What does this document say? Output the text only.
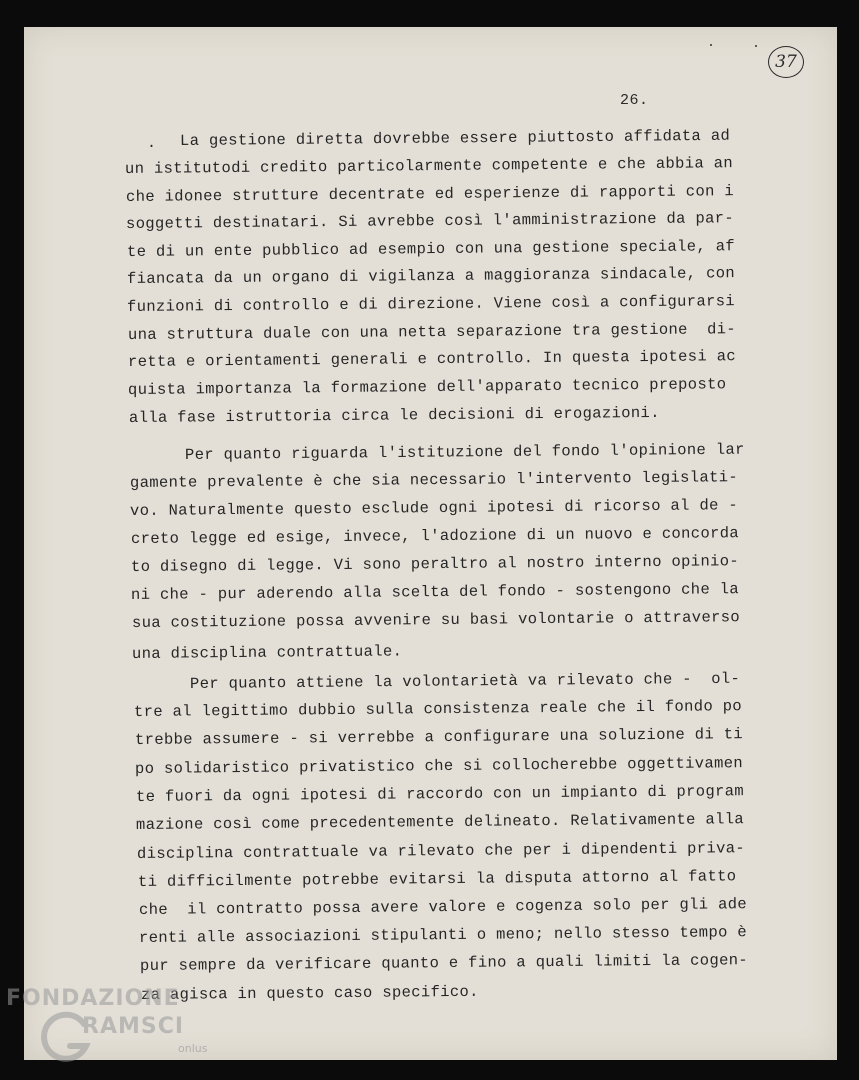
37
26.
· La gestione diretta dovrebbe essere piuttosto affidata ad
un istitutodi credito particolarmente competente e che abbia an
che idonee strutture decentrate ed esperienze di rapporti con i
soggetti destinatari. Si avrebbe così l'amministrazione da par-
te di un ente pubblico ad esempio con una gestione speciale, af
fiancata da un organo di vigilanza a maggioranza sindacale, con
funzioni di controllo e di direzione. Viene così a configurarsi
una struttura duale con una netta separazione tra gestione  di-
retta e orientamenti generali e controllo. In questa ipotesi ac
quista importanza la formazione dell'apparato tecnico preposto
alla fase istruttoria circa le decisioni di erogazioni.
Per quanto riguarda l'istituzione del fondo l'opinione lar
gamente prevalente è che sia necessario l'intervento legislati-
vo. Naturalmente questo esclude ogni ipotesi di ricorso al de -
creto legge ed esige, invece, l'adozione di un nuovo e concorda
to disegno di legge. Vi sono peraltro al nostro interno opinio-
ni che - pur aderendo alla scelta del fondo - sostengono che la
sua costituzione possa avvenire su basi volontarie o attraverso
una disciplina contrattuale.
Per quanto attiene la volontarietà va rilevato che -  ol-
tre al legittimo dubbio sulla consistenza reale che il fondo po
trebbe assumere - si verrebbe a configurare una soluzione di ti
po solidaristico privatistico che si collocherebbe oggettivamen
te fuori da ogni ipotesi di raccordo con un impianto di program
mazione così come precedentemente delineato. Relativamente alla
disciplina contrattuale va rilevato che per i dipendenti priva-
ti difficilmente potrebbe evitarsi la disputa attorno al fatto
che  il contratto possa avere valore e cogenza solo per gli ade
renti alle associazioni stipulanti o meno; nello stesso tempo è
pur sempre da verificare quanto e fino a quali limiti la cogen-
za agisca in questo caso specifico.
FONDAZIONE
RAMSCI
onlus
